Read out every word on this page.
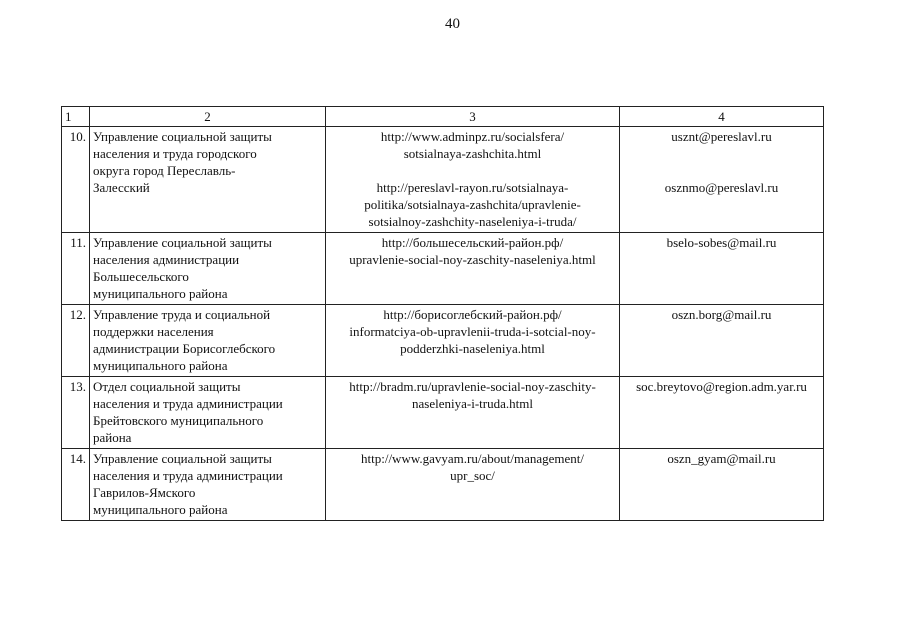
40
1	2	3	4
10.	Управление социальной защиты
населения и труда городского
округа город Переславль-
Залесский	http://www.adminpz.ru/socialsfera/
sotsialnaya-zashchita.html
http://pereslavl-rayon.ru/sotsialnaya-
politika/sotsialnaya-zashchita/upravlenie-
sotsialnoy-zashchity-naseleniya-i-truda/	usznt@pereslavl.ru
osznmo@pereslavl.ru

11.	Управление социальной защиты
населения администрации
Большесельского
муниципального района	http://большесельский-район.рф/
upravlenie-social-noy-zaschity-naseleniya.html	bselo-sobes@mail.ru

12.	Управление труда и социальной
поддержки населения
администрации Борисоглебского
муниципального района	http://борисоглебский-район.рф/
informatciya-ob-upravlenii-truda-i-sotcial-noy-
podderzhki-naseleniya.html	oszn.borg@mail.ru

13.	Отдел социальной защиты
населения и труда администрации
Брейтовского муниципального
района	http://bradm.ru/upravlenie-social-noy-zaschity-
naseleniya-i-truda.html	soc.breytovo@region.adm.yar.ru

14.	Управление социальной защиты
населения и труда администрации
Гаврилов-Ямского
муниципального района	http://www.gavyam.ru/about/management/
upr_soc/	oszn_gyam@mail.ru
